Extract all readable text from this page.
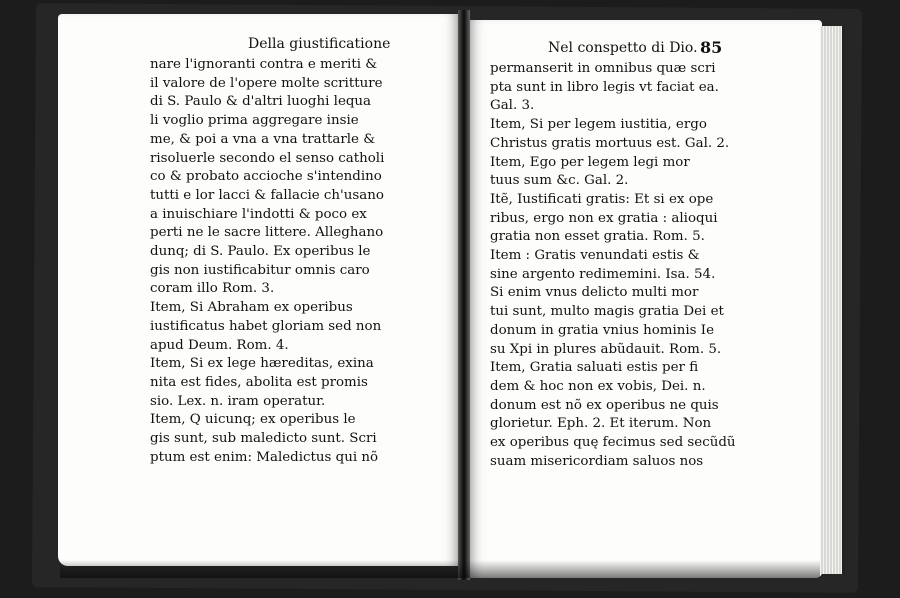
Della giustificatione	Nel conspetto di Dio. 85
nare l'ignoranti contra e meriti &
il valore de l'opere molte scritture
di S. Paulo & d'altri luoghi lequa
li voglio prima aggregare insie
me, & poi a vna a vna trattarle &
risoluerle secondo el senso catholi
co & probato accioche s'intendino
tutti e lor lacci & fallacie ch'usano
a inuischiare l'indotti & poco ex
perti ne le sacre littere. Alleghano
dunq; di S. Paulo. Ex operibus le
gis non iustificabitur omnis caro
coram illo Rom. 3.
Item, Si Abraham ex operibus
iustificatus habet gloriam sed non
apud Deum. Rom. 4.
Item, Si ex lege hæreditas, exina
nita est fides, abolita est promis
sio. Lex. n. iram operatur.
Item, Q uicunq; ex operibus le
gis sunt, sub maledicto sunt. Scri
ptum est enim: Maledictus qui nõ
permanserit in omnibus quæ scri
pta sunt in libro legis vt faciat ea.
Gal. 3.
Item, Si per legem iustitia, ergo
Christus gratis mortuus est. Gal. 2.
Item, Ego per legem legi mor
tuus sum &c. Gal. 2.
Itẽ, Iustificati gratis: Et si ex ope
ribus, ergo non ex gratia : alioqui
gratia non esset gratia. Rom. 5.
Item : Gratis venundati estis &
sine argento redimemini. Isa. 54.
Si enim vnus delicto multi mor
tui sunt, multo magis gratia Dei et
donum in gratia vnius hominis Ie
su Xpi in plures abũdauit. Rom. 5.
Item, Gratia saluati estis per fi
dem & hoc non ex vobis, Dei. n.
donum est nõ ex operibus ne quis
glorietur. Eph. 2. Et iterum. Non
ex operibus quę fecimus sed secũdũ
suam misericordiam saluos nos
